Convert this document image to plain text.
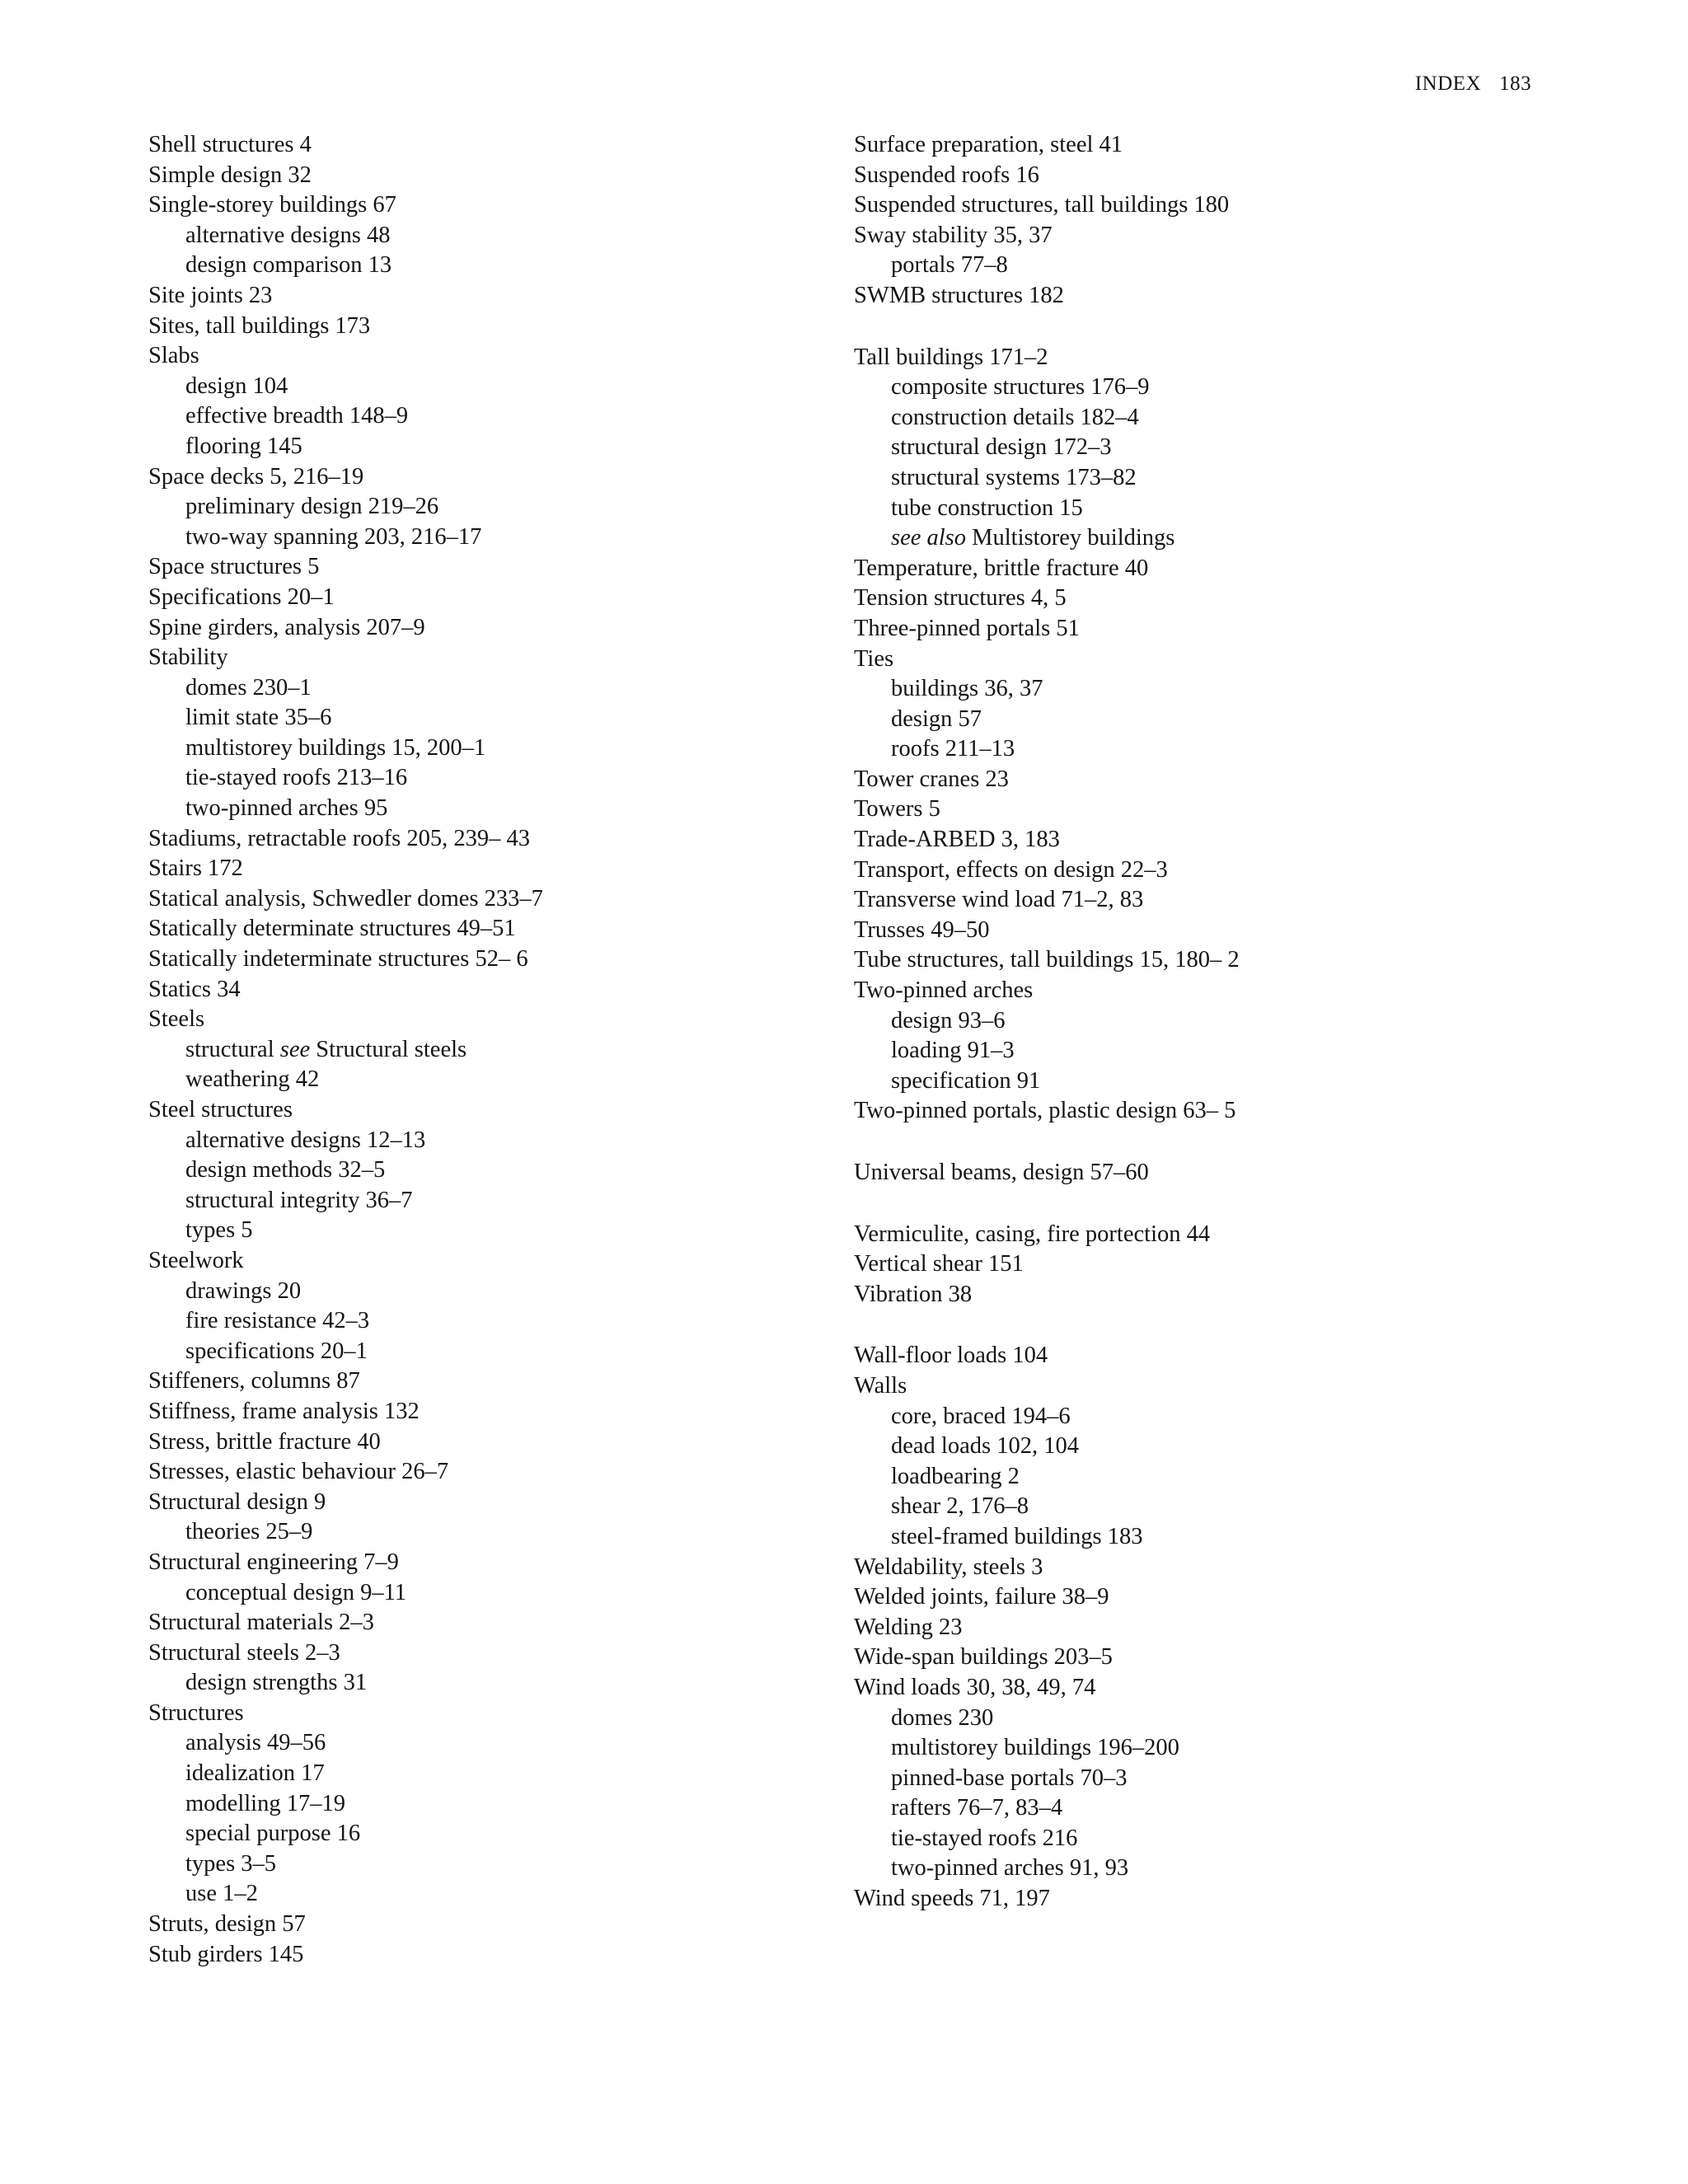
INDEX 183
Shell structures 4
Simple design 32
Single-storey buildings 67
alternative designs 48
design comparison 13
Site joints 23
Sites, tall buildings 173
Slabs
design 104
effective breadth 148–9
flooring 145
Space decks 5, 216–19
preliminary design 219–26
two-way spanning 203, 216–17
Space structures 5
Specifications 20–1
Spine girders, analysis 207–9
Stability
domes 230–1
limit state 35–6
multistorey buildings 15, 200–1
tie-stayed roofs 213–16
two-pinned arches 95
Stadiums, retractable roofs 205, 239– 43
Stairs 172
Statical analysis, Schwedler domes 233–7
Statically determinate structures 49–51
Statically indeterminate structures 52– 6
Statics 34
Steels
structural see Structural steels
weathering 42
Steel structures
alternative designs 12–13
design methods 32–5
structural integrity 36–7
types 5
Steelwork
drawings 20
fire resistance 42–3
specifications 20–1
Stiffeners, columns 87
Stiffness, frame analysis 132
Stress, brittle fracture 40
Stresses, elastic behaviour 26–7
Structural design 9
theories 25–9
Structural engineering 7–9
conceptual design 9–11
Structural materials 2–3
Structural steels 2–3
design strengths 31
Structures
analysis 49–56
idealization 17
modelling 17–19
special purpose 16
types 3–5
use 1–2
Struts, design 57
Stub girders 145
Surface preparation, steel 41
Suspended roofs 16
Suspended structures, tall buildings 180
Sway stability 35, 37
portals 77–8
SWMB structures 182
Tall buildings 171–2
composite structures 176–9
construction details 182–4
structural design 172–3
structural systems 173–82
tube construction 15
see also Multistorey buildings
Temperature, brittle fracture 40
Tension structures 4, 5
Three-pinned portals 51
Ties
buildings 36, 37
design 57
roofs 211–13
Tower cranes 23
Towers 5
Trade-ARBED 3, 183
Transport, effects on design 22–3
Transverse wind load 71–2, 83
Trusses 49–50
Tube structures, tall buildings 15, 180– 2
Two-pinned arches
design 93–6
loading 91–3
specification 91
Two-pinned portals, plastic design 63– 5
Universal beams, design 57–60
Vermiculite, casing, fire portection 44
Vertical shear 151
Vibration 38
Wall-floor loads 104
Walls
core, braced 194–6
dead loads 102, 104
loadbearing 2
shear 2, 176–8
steel-framed buildings 183
Weldability, steels 3
Welded joints, failure 38–9
Welding 23
Wide-span buildings 203–5
Wind loads 30, 38, 49, 74
domes 230
multistorey buildings 196–200
pinned-base portals 70–3
rafters 76–7, 83–4
tie-stayed roofs 216
two-pinned arches 91, 93
Wind speeds 71, 197
